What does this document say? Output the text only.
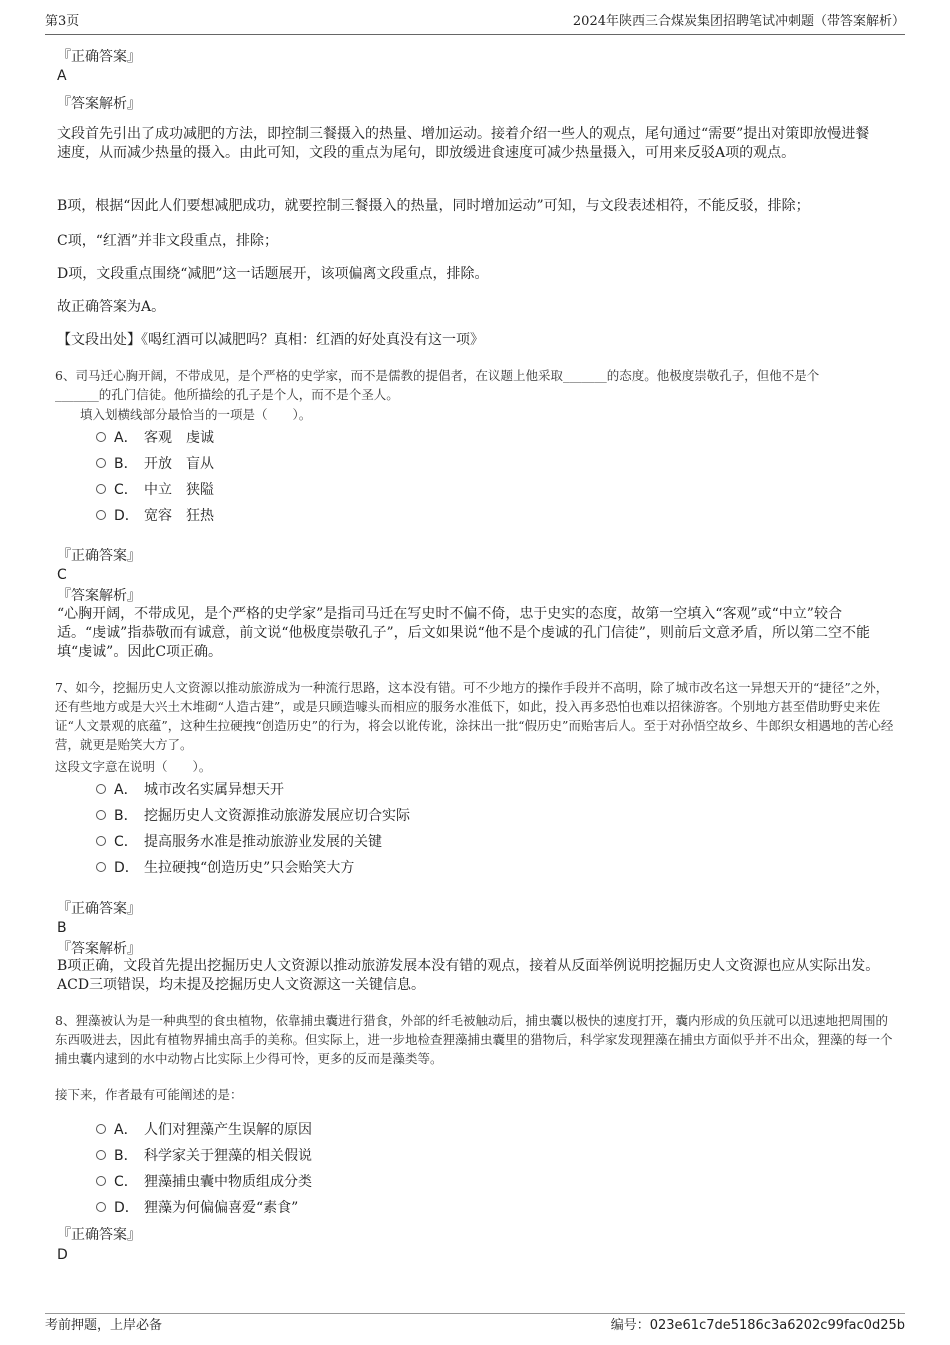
第3页	2024年陕西三合煤炭集团招聘笔试冲刺题（带答案解析）
『正确答案』
A
『答案解析』
文段首先引出了成功减肥的方法，即控制三餐摄入的热量、增加运动。接着介绍一些人的观点，尾句通过“需要”提出对策即放慢进餐速度，从而减少热量的摄入。由此可知，文段的重点为尾句，即放缓进食速度可减少热量摄入，可用来反驳A项的观点。
B项，根据“因此人们要想减肥成功，就要控制三餐摄入的热量，同时增加运动”可知，与文段表述相符，不能反驳，排除；
C项，“红酒”并非文段重点，排除；
D项，文段重点围绕“减肥”这一话题展开，该项偏离文段重点，排除。
故正确答案为A。
【文段出处】《喝红酒可以减肥吗？真相：红酒的好处真没有这一项》
6、司马迁心胸开阔，不带成见，是个严格的史学家，而不是儒教的提倡者，在议题上他采取_______的态度。他极度崇敬孔子，但他不是个
_______的孔门信徒。他所描绘的孔子是个人，而不是个圣人。
填入划横线部分最恰当的一项是（　　）。
A． 客观　虔诚
B． 开放　盲从
C． 中立　狭隘
D． 宽容　狂热
『正确答案』
C
『答案解析』
“心胸开阔，不带成见，是个严格的史学家”是指司马迁在写史时不偏不倚，忠于史实的态度，故第一空填入“客观”或“中立”较合适。“虔诚”指恭敬而有诚意，前文说“他极度崇敬孔子”，后文如果说“他不是个虔诚的孔门信徒”，则前后文意矛盾，所以第二空不能填“虔诚”。因此C项正确。
7、如今，挖掘历史人文资源以推动旅游成为一种流行思路，这本没有错。可不少地方的操作手段并不高明，除了城市改名这一异想天开的“捷径”之外，还有些地方或是大兴土木堆砌“人造古建”，或是只顾造噱头而相应的服务水准低下，如此，投入再多恐怕也难以招徕游客。个别地方甚至借助野史来佐证“人文景观的底蕴”，这种生拉硬拽“创造历史”的行为，将会以讹传讹，涂抹出一批“假历史”而贻害后人。至于对孙悟空故乡、牛郎织女相遇地的苦心经营，就更是贻笑大方了。
这段文字意在说明（　　）。
A． 城市改名实属异想天开
B． 挖掘历史人文资源推动旅游发展应切合实际
C． 提高服务水准是推动旅游业发展的关键
D． 生拉硬拽“创造历史”只会贻笑大方
『正确答案』
B
『答案解析』
B项正确，文段首先提出挖掘历史人文资源以推动旅游发展本没有错的观点，接着从反面举例说明挖掘历史人文资源也应从实际出发。ACD三项错误，均未提及挖掘历史人文资源这一关键信息。
8、狸藻被认为是一种典型的食虫植物，依靠捕虫囊进行猎食，外部的纤毛被触动后，捕虫囊以极快的速度打开，囊内形成的负压就可以迅速地把周围的东西吸进去，因此有植物界捕虫高手的美称。但实际上，进一步地检查狸藻捕虫囊里的猎物后，科学家发现狸藻在捕虫方面似乎并不出众，狸藻的每一个捕虫囊内逮到的水中动物占比实际上少得可怜，更多的反而是藻类等。
接下来，作者最有可能阐述的是：
A． 人们对狸藻产生误解的原因
B． 科学家关于狸藻的相关假说
C． 狸藻捕虫囊中物质组成分类
D． 狸藻为何偏偏喜爱“素食”
『正确答案』
D
考前押题，上岸必备	编号：023e61c7de5186c3a6202c99fac0d25b
